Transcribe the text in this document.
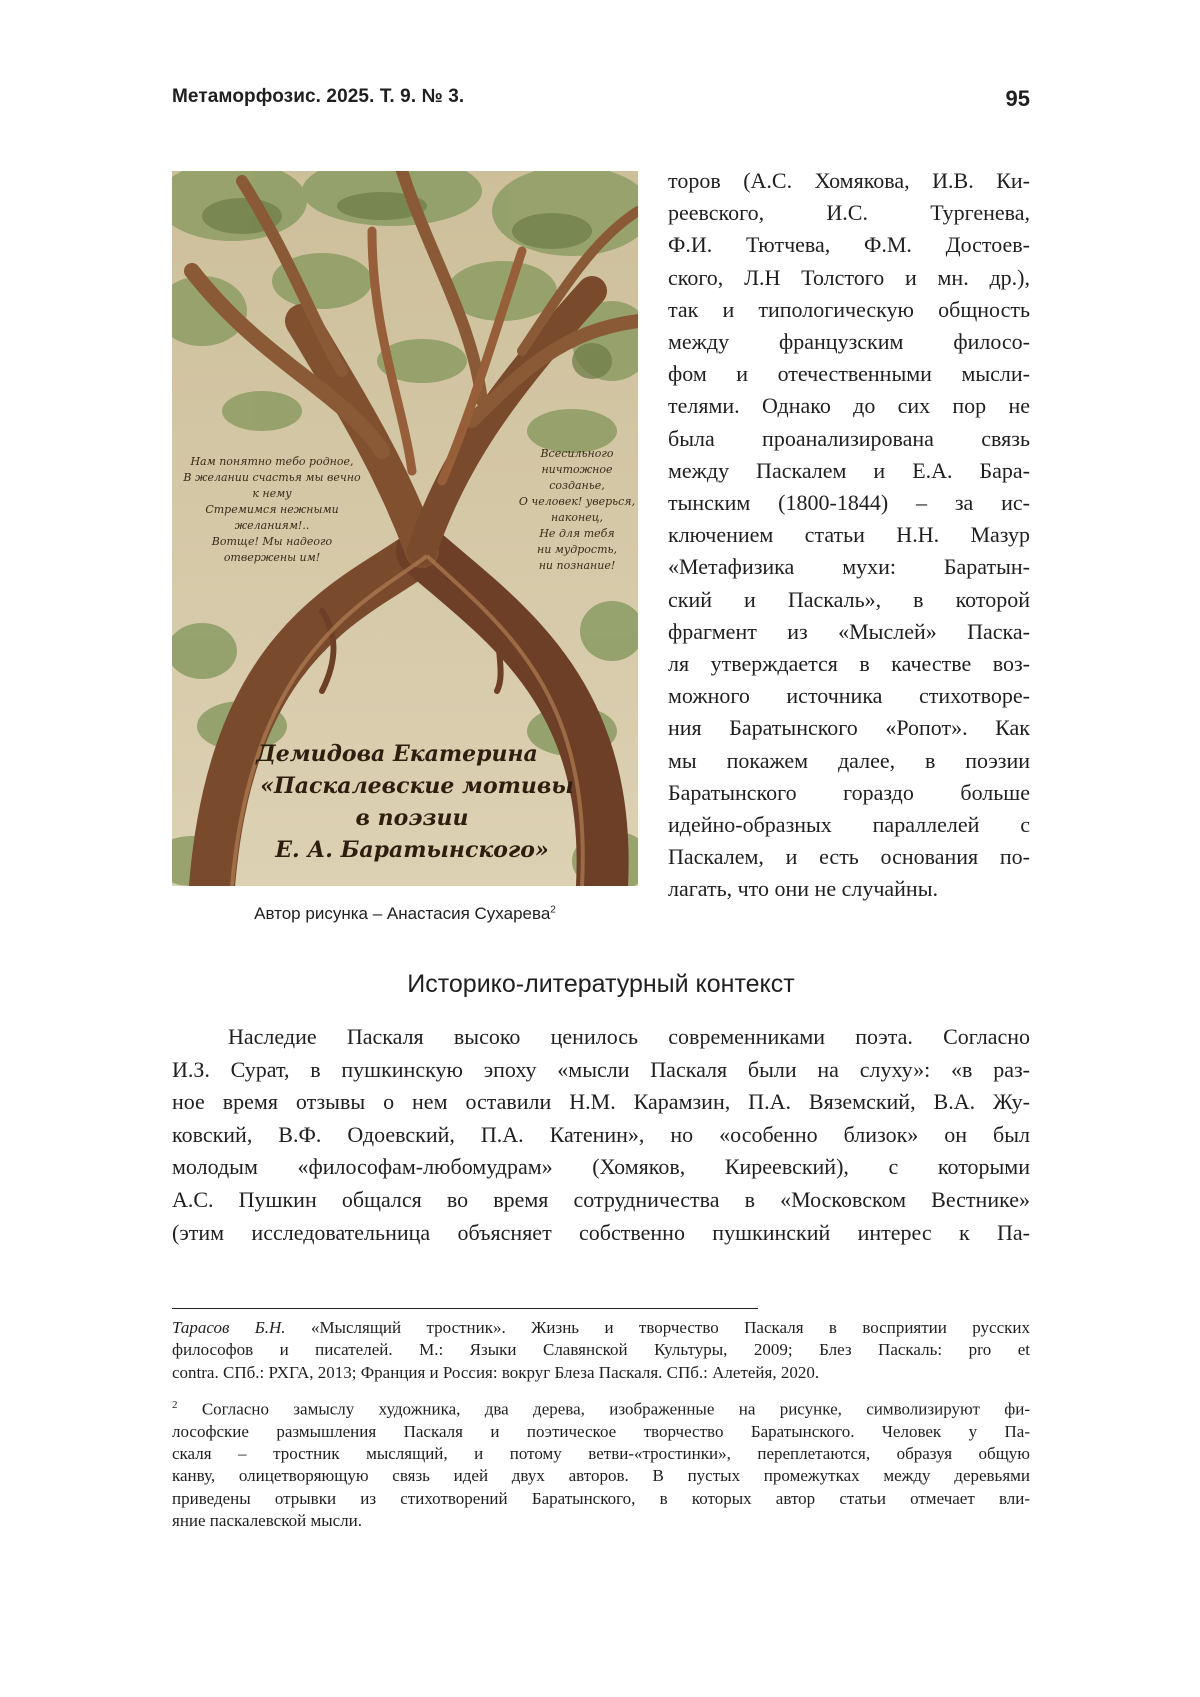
Метаморфозис. 2025. Т. 9. № 3.	95
Нам понятно тебо родное,
В желании счастья мы вечно
к нему
Стремимся нежными
желаниям!..
Вотще! Мы надеого
отвержены им!
Всесильного
ничтожное
созданье,
О человек! уверься,
наконец,
Не для тебя
ни мудрость,
ни познание!
Демидова Екатерина
«Паскалевские мотивы
в поэзии
Е. А. Баратынского»
Автор рисунка – Анастасия Сухарева$^2$
торов (А.С. Хомякова, И.В. Ки-
реевского, И.С. Тургенева,
Ф.И. Тютчева, Ф.М. Достоев-
ского, Л.Н Толстого и мн. др.),
так и типологическую общность
между французским филосо-
фом и отечественными мысли-
телями. Однако до сих пор не
была проанализирована связь
между Паскалем и Е.А. Бара-
тынским (1800-1844) – за ис-
ключением статьи Н.Н. Мазур
«Метафизика мухи: Баратын-
ский и Паскаль», в которой
фрагмент из «Мыслей» Паска-
ля утверждается в качестве воз-
можного источника стихотворе-
ния Баратынского «Ропот». Как
мы покажем далее, в поэзии
Баратынского гораздо больше
идейно-образных параллелей с
Паскалем, и есть основания по-
лагать, что они не случайны.
Историко-литературный контекст
Наследие Паскаля высоко ценилось современниками поэта. Согласно
И.З. Сурат, в пушкинскую эпоху «мысли Паскаля были на слуху»: «в раз-
ное время отзывы о нем оставили Н.М. Карамзин, П.А. Вяземский, В.А. Жу-
ковский, В.Ф. Одоевский, П.А. Катенин», но «особенно близок» он был
молодым «философам-любомудрам» (Хомяков, Киреевский), с которыми
А.С. Пушкин общался во время сотрудничества в «Московском Вестнике»
(этим исследовательница объясняет собственно пушкинский интерес к Па-
Тарасов Б.Н. «Мыслящий тростник». Жизнь и творчество Паскаля в восприятии русских
философов и писателей. М.: Языки Славянской Культуры, 2009; Блез Паскаль: pro et
contra. СПб.: РХГА, 2013; Франция и Россия: вокруг Блеза Паскаля. СПб.: Алетейя, 2020.
$^2$ Согласно замыслу художника, два дерева, изображенные на рисунке, символизируют фи-
лософские размышления Паскаля и поэтическое творчество Баратынского. Человек у Па-
скаля – тростник мыслящий, и потому ветви-«тростинки», переплетаются, образуя общую
канву, олицетворяющую связь идей двух авторов. В пустых промежутках между деревьями
приведены отрывки из стихотворений Баратынского, в которых автор статьи отмечает вли-
яние паскалевской мысли.
